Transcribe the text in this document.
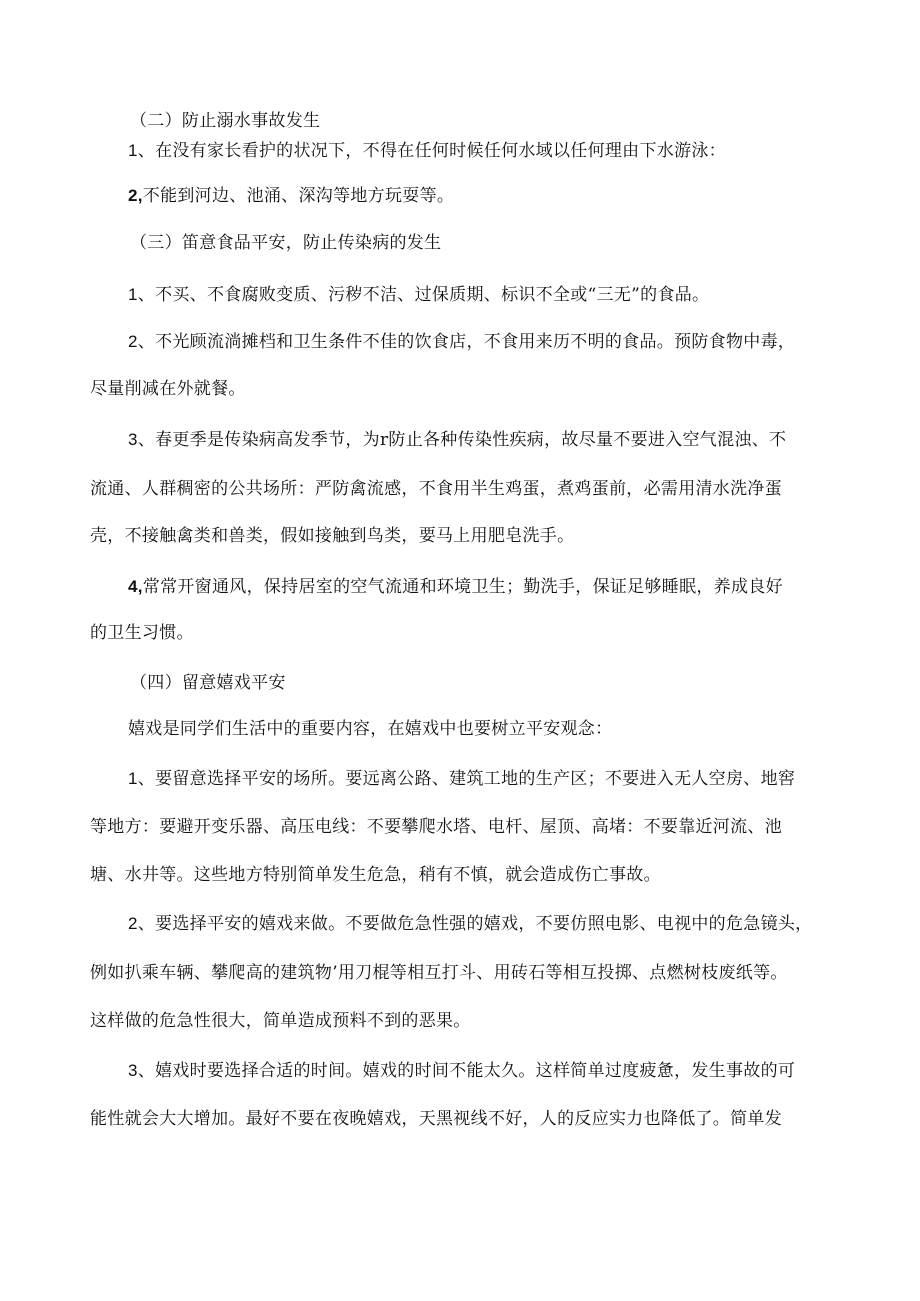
（二）防止溺水事故发生
1、在没有家长看护的状况下，不得在任何时候任何水域以任何理由下水游泳：
2,不能到河边、池涌、深沟等地方玩耍等。
（三）笛意食品平安，防止传染病的发生
1、不买、不食腐败变质、污秽不洁、过保质期、标识不全或“三无”的食品。
2、不光顾流淌摊档和卫生条件不佳的饮食店，不食用来历不明的食品。预防食物中毒，
尽量削减在外就餐。
3、春更季是传染病高发季节，为r防止各种传染性疾病，故尽量不要进入空气混浊、不
流通、人群稠密的公共场所：严防禽流感，不食用半生鸡蛋，煮鸡蛋前，必需用清水洗净蛋
壳，不接触禽类和兽类，假如接触到鸟类，要马上用肥皂洗手。
4,常常开窗通风，保持居室的空气流通和环境卫生；勤洗手，保证足够睡眠，养成良好
的卫生习惯。
（四）留意嬉戏平安
嬉戏是同学们生活中的重要内容，在嬉戏中也要树立平安观念：
1、要留意选择平安的场所。要远离公路、建筑工地的生产区；不要进入无人空房、地窖
等地方：要避开变乐器、高压电线：不要攀爬水塔、电杆、屋顶、高堵：不要靠近河流、池
塘、水井等。这些地方特别简单发生危急，稍有不慎，就会造成伤亡事故。
2、要选择平安的嬉戏来做。不要做危急性强的嬉戏，不要仿照电影、电视中的危急镜头，
例如扒乘车辆、攀爬高的建筑物’用刀棍等相互打斗、用砖石等相互投掷、点燃树枝废纸等。
这样做的危急性很大，简单造成预料不到的恶果。
3、嬉戏时要选择合适的时间。嬉戏的时间不能太久。这样简单过度疲惫，发生事故的可
能性就会大大增加。最好不要在夜晚嬉戏，天黑视线不好，人的反应实力也降低了。简单发
